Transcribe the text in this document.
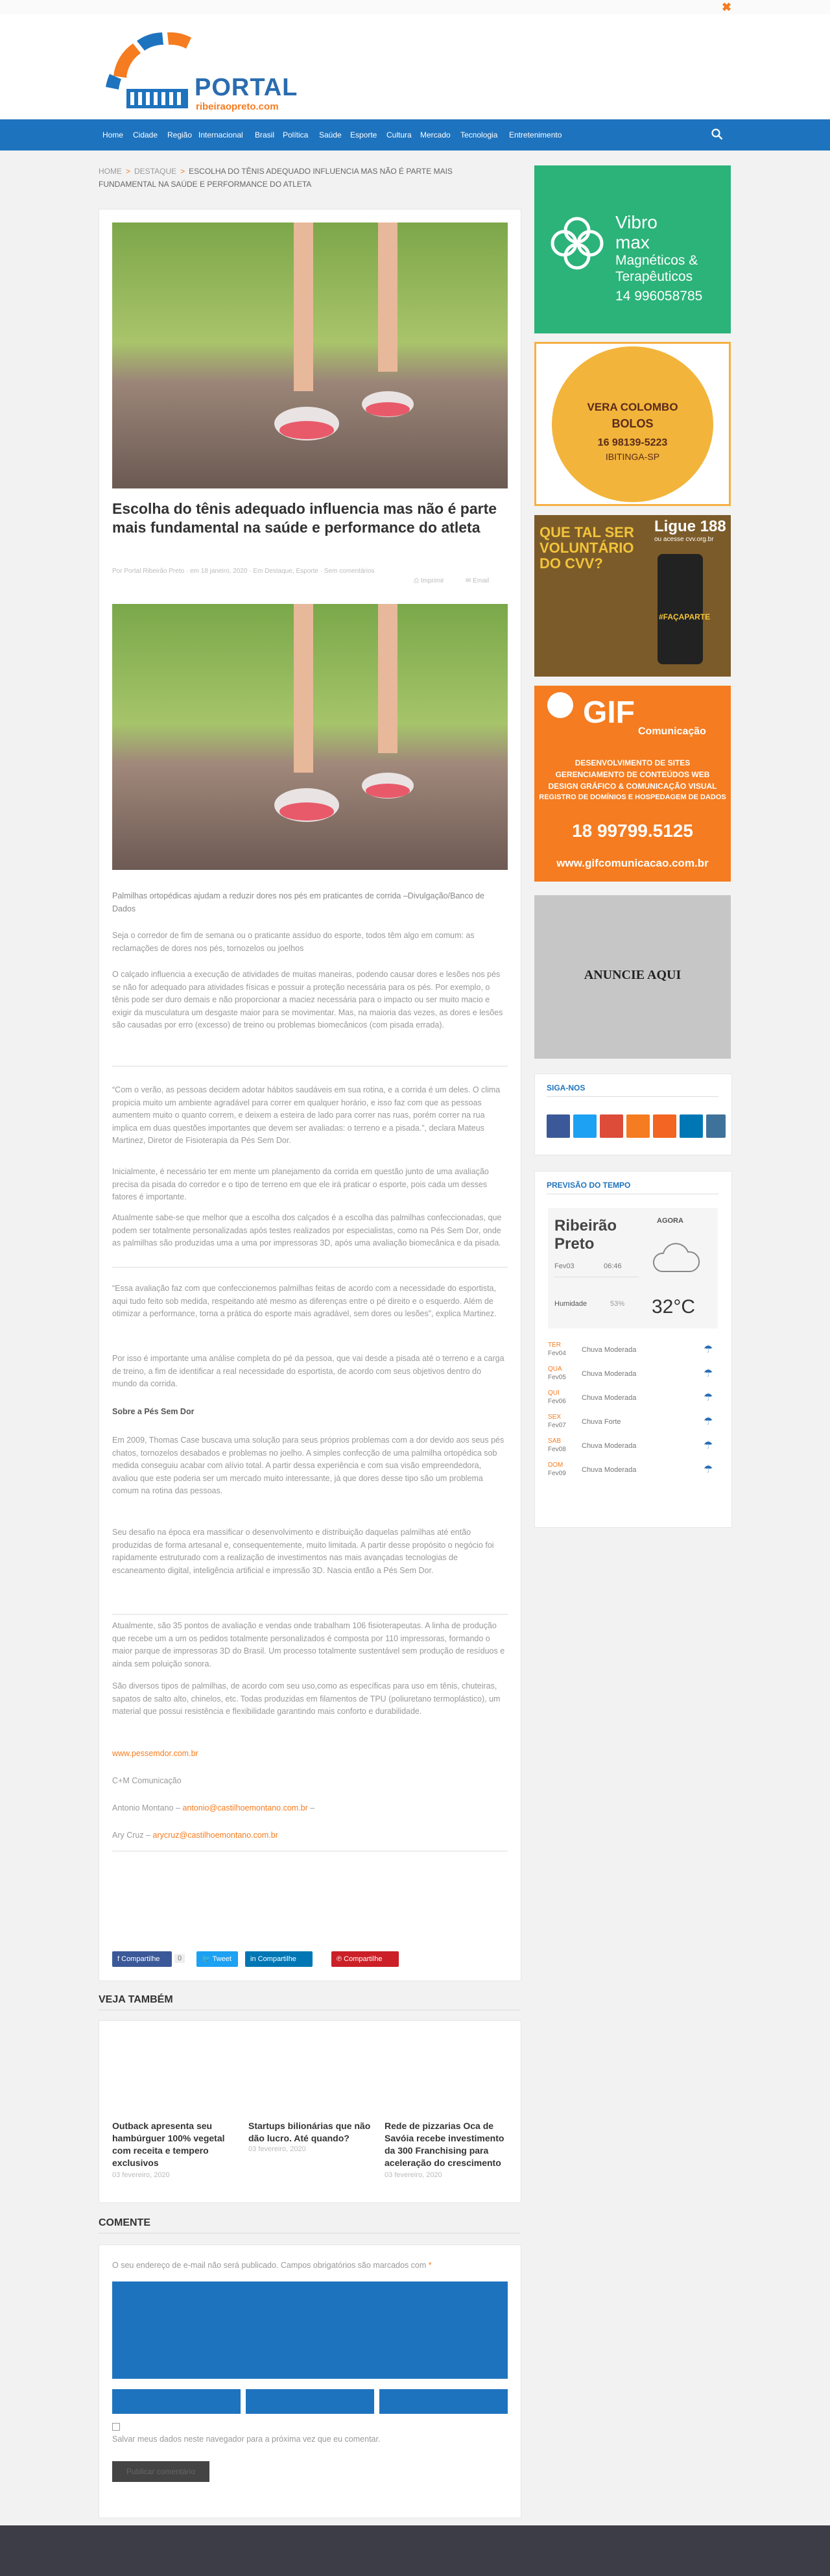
✖
PORTAL
ribeiraopreto.com
Home Cidade Região Internacional Brasil Política Saúde Esporte Cultura Mercado Tecnologia Entretenimento
HOME > DESTAQUE > ESCOLHA DO TÊNIS ADEQUADO INFLUENCIA MAS NÃO É PARTE MAIS FUNDAMENTAL NA SAÚDE E PERFORMANCE DO ATLETA
Escolha do tênis adequado influencia mas não é parte mais fundamental na saúde e performance do atleta
Por Portal Ribeirão Preto · em 18 janeiro, 2020 · Em Destaque, Esporte · Sem comentários
⎙ Imprimir	✉ Email
Palmilhas ortopédicas ajudam a reduzir dores nos pés em praticantes de corrida –Divulgação/Banco de Dados
Seja o corredor de fim de semana ou o praticante assíduo do esporte, todos têm algo em comum: as reclamações de dores nos pés, tornozelos ou joelhos
O calçado influencia a execução de atividades de muitas maneiras, podendo causar dores e lesões nos pés se não for adequado para atividades físicas e possuir a proteção necessária para os pés. Por exemplo, o tênis pode ser duro demais e não proporcionar a maciez necessária para o impacto ou ser muito macio e exigir da musculatura um desgaste maior para se movimentar. Mas, na maioria das vezes, as dores e lesões são causadas por erro (excesso) de treino ou problemas biomecânicos (com pisada errada).
“Com o verão, as pessoas decidem adotar hábitos saudáveis em sua rotina, e a corrida é um deles. O clima propicia muito um ambiente agradável para correr em qualquer horário, e isso faz com que as pessoas aumentem muito o quanto correm, e deixem a esteira de lado para correr nas ruas, porém correr na rua implica em duas questões importantes que devem ser avaliadas: o terreno e a pisada.”, declara Mateus Martinez, Diretor de Fisioterapia da Pés Sem Dor.
Inicialmente, é necessário ter em mente um planejamento da corrida em questão junto de uma avaliação precisa da pisada do corredor e o tipo de terreno em que ele irá praticar o esporte, pois cada um desses fatores é importante.
Atualmente sabe-se que melhor que a escolha dos calçados é a escolha das palmilhas confeccionadas, que podem ser totalmente personalizadas após testes realizados por especialistas, como na Pés Sem Dor, onde as palmilhas são produzidas uma a uma por impressoras 3D, após uma avaliação biomecânica e da pisada.
“Essa avaliação faz com que confeccionemos palmilhas feitas de acordo com a necessidade do esportista, aqui tudo feito sob medida, respeitando até mesmo as diferenças entre o pé direito e o esquerdo. Além de otimizar a performance, torna a prática do esporte mais agradável, sem dores ou lesões”, explica Martinez.
Por isso é importante uma análise completa do pé da pessoa, que vai desde a pisada até o terreno e a carga de treino, a fim de identificar a real necessidade do esportista, de acordo com seus objetivos dentro do mundo da corrida.
Sobre a Pés Sem Dor
Em 2009, Thomas Case buscava uma solução para seus próprios problemas com a dor devido aos seus pés chatos, tornozelos desabados e problemas no joelho. A simples confecção de uma palmilha ortopédica sob medida conseguiu acabar com alívio total. A partir dessa experiência e com sua visão empreendedora, avaliou que este poderia ser um mercado muito interessante, já que dores desse tipo são um problema comum na rotina das pessoas.
Seu desafio na época era massificar o desenvolvimento e distribuição daquelas palmilhas até então produzidas de forma artesanal e, consequentemente, muito limitada. A partir desse propósito o negócio foi rapidamente estruturado com a realização de investimentos nas mais avançadas tecnologias de escaneamento digital, inteligência artificial e impressão 3D. Nascia então a Pés Sem Dor.
Atualmente, são 35 pontos de avaliação e vendas onde trabalham 106 fisioterapeutas. A linha de produção que recebe um a um os pedidos totalmente personalizados é composta por 110 impressoras, formando o maior parque de impressoras 3D do Brasil. Um processo totalmente sustentável sem produção de resíduos e ainda sem poluição sonora.
São diversos tipos de palmilhas, de acordo com seu uso,como as específicas para uso em tênis, chuteiras, sapatos de salto alto, chinelos, etc. Todas produzidas em filamentos de TPU (poliuretano termoplástico), um material que possui resistência e flexibilidade garantindo mais conforto e durabilidade.
www.pessemdor.com.br
C+M Comunicação
Antonio Montano – antonio@castilhoemontano.com.br –
Ary Cruz – arycruz@castilhoemontano.com.br
f Compartilhe	0	🐦 Tweet	in Compartilhe	℗ Compartilhe
VEJA TAMBÉM
Outback apresenta seu hambúrguer 100% vegetal com receita e tempero exclusivos
03 fevereiro, 2020
Startups bilionárias que não dão lucro. Até quando?
03 fevereiro, 2020
Rede de pizzarias Oca de Savóia recebe investimento da 300 Franchising para aceleração do crescimento
03 fevereiro, 2020
COMENTE
O seu endereço de e-mail não será publicado. Campos obrigatórios são marcados com *
Salvar meus dados neste navegador para a próxima vez que eu comentar.
Publicar comentário
Vibro
max
Magnéticos &
Terapêuticos
14 996058785
VERA COLOMBO
BOLOS
16 98139-5223
IBITINGA-SP
QUE TAL SER
VOLUNTÁRIO
DO CVV?
Ligue 188
ou acesse cvv.org.br
#FAÇAPARTE
GIF
Comunicação
DESENVOLVIMENTO DE SITES
GERENCIAMENTO DE CONTEÚDOS WEB
DESIGN GRÁFICO & COMUNICAÇÃO VISUAL
REGISTRO DE DOMÍNIOS E HOSPEDAGEM DE DADOS
18 99799.5125
www.gifcomunicacao.com.br
ANUNCIE AQUI
SIGA-NOS
PREVISÃO DO TEMPO
Ribeirão Preto
Fev03	06:46
Humidade	53%
AGORA
32°C
TER
Fev04 Chuva Moderada	☂
QUA
Fev05 Chuva Moderada	☂
QUI
Fev06 Chuva Moderada	☂
SEX
Fev07 Chuva Forte	☂
SAB
Fev08 Chuva Moderada	☂
DOM
Fev09 Chuva Moderada	☂
